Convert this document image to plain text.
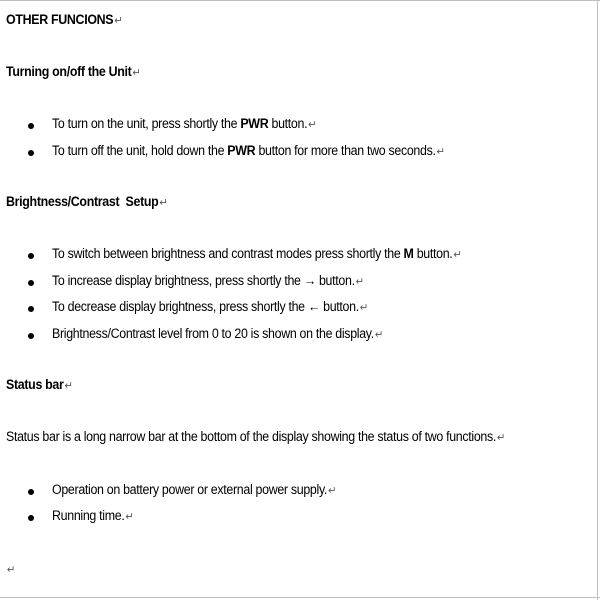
OTHER FUNCIONS↵
Turning on/off the Unit↵
To turn on the unit, press shortly the PWR button.↵
To turn off the unit, hold down the PWR button for more than two seconds.↵
Brightness/Contrast  Setup↵
To switch between brightness and contrast modes press shortly the M button.↵
To increase display brightness, press shortly the → button.↵
To decrease display brightness, press shortly the ← button.↵
Brightness/Contrast level from 0 to 20 is shown on the display.↵
Status bar↵
Status bar is a long narrow bar at the bottom of the display showing the status of two functions.↵
Operation on battery power or external power supply.↵
Running time.↵
↵
